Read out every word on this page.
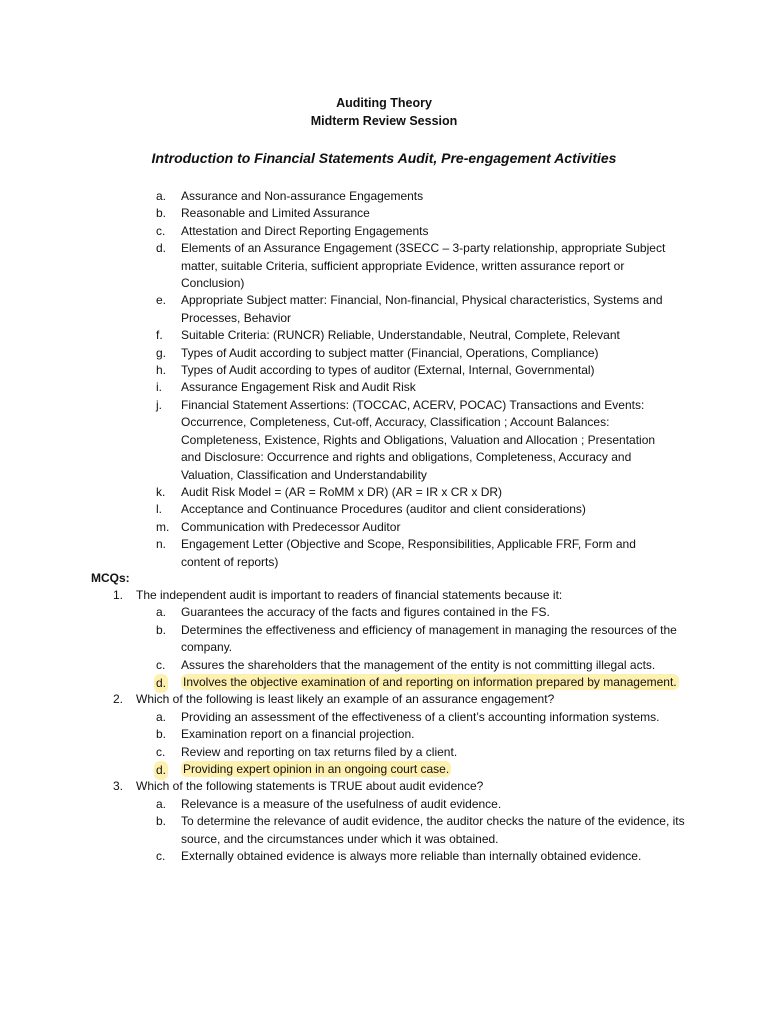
Auditing Theory
Midterm Review Session
Introduction to Financial Statements Audit, Pre-engagement Activities
a. Assurance and Non-assurance Engagements
b. Reasonable and Limited Assurance
c. Attestation and Direct Reporting Engagements
d. Elements of an Assurance Engagement (3SECC – 3-party relationship, appropriate Subject matter, suitable Criteria, sufficient appropriate Evidence, written assurance report or Conclusion)
e. Appropriate Subject matter: Financial, Non-financial, Physical characteristics, Systems and Processes, Behavior
f. Suitable Criteria: (RUNCR) Reliable, Understandable, Neutral, Complete, Relevant
g. Types of Audit according to subject matter (Financial, Operations, Compliance)
h. Types of Audit according to types of auditor (External, Internal, Governmental)
i. Assurance Engagement Risk and Audit Risk
j. Financial Statement Assertions: (TOCCAC, ACERV, POCAC) Transactions and Events: Occurrence, Completeness, Cut-off, Accuracy, Classification ; Account Balances: Completeness, Existence, Rights and Obligations, Valuation and Allocation ; Presentation and Disclosure: Occurrence and rights and obligations, Completeness, Accuracy and Valuation, Classification and Understandability
k. Audit Risk Model = (AR = RoMM x DR) (AR = IR x CR x DR)
l. Acceptance and Continuance Procedures (auditor and client considerations)
m. Communication with Predecessor Auditor
n. Engagement Letter (Objective and Scope, Responsibilities, Applicable FRF, Form and content of reports)
MCQs:
1. The independent audit is important to readers of financial statements because it:
a. Guarantees the accuracy of the facts and figures contained in the FS.
b. Determines the effectiveness and efficiency of management in managing the resources of the company.
c. Assures the shareholders that the management of the entity is not committing illegal acts.
d. Involves the objective examination of and reporting on information prepared by management.
2. Which of the following is least likely an example of an assurance engagement?
a. Providing an assessment of the effectiveness of a client’s accounting information systems.
b. Examination report on a financial projection.
c. Review and reporting on tax returns filed by a client.
d. Providing expert opinion in an ongoing court case.
3. Which of the following statements is TRUE about audit evidence?
a. Relevance is a measure of the usefulness of audit evidence.
b. To determine the relevance of audit evidence, the auditor checks the nature of the evidence, its source, and the circumstances under which it was obtained.
c. Externally obtained evidence is always more reliable than internally obtained evidence.
